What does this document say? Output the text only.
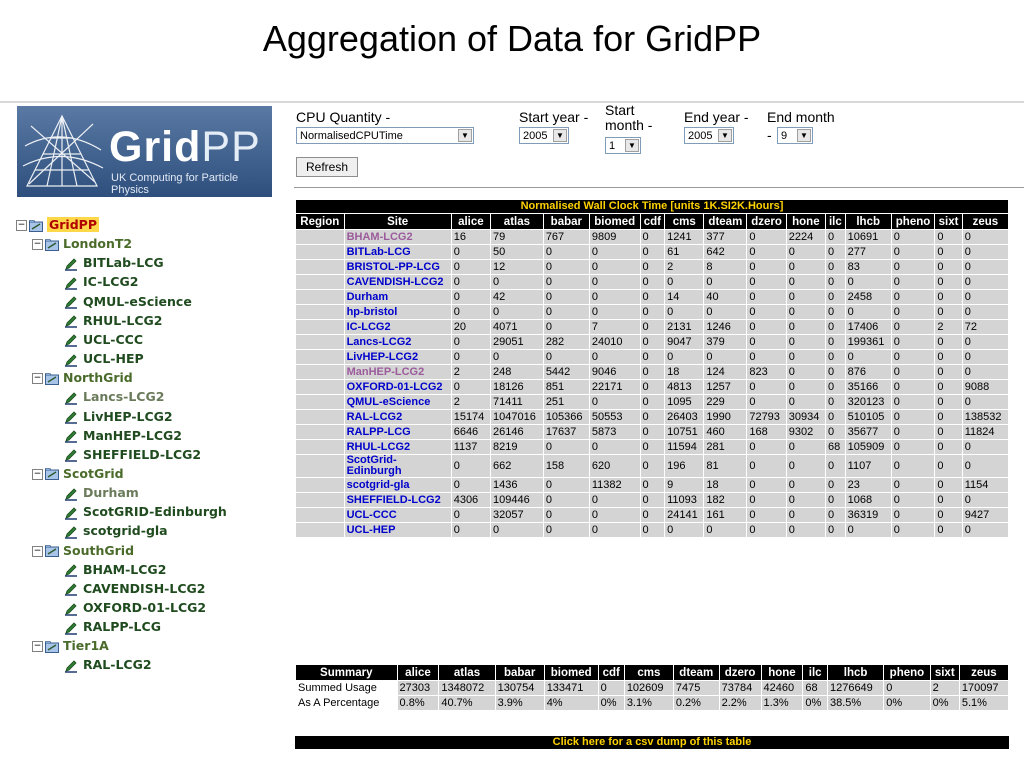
Aggregation of Data for GridPP
GridPP
UK Computing for Particle Physics
− GridPP
− LondonT2
BITLab-LCG
IC-LCG2
QMUL-eScience
RHUL-LCG2
UCL-CCC
UCL-HEP
− NorthGrid
Lancs-LCG2
LivHEP-LCG2
ManHEP-LCG2
SHEFFIELD-LCG2
− ScotGrid
Durham
ScotGRID-Edinburgh
scotgrid-gla
− SouthGrid
BHAM-LCG2
CAVENDISH-LCG2
OXFORD-01-LCG2
RALPP-LCG
− Tier1A
RAL-LCG2
CPU Quantity -
NormalisedCPUTime	▼
Start year -
2005	▼
Start
month -
1	▼
End year -
2005	▼
End month
- 9	▼
Refresh
Normalised Wall Clock Time [units 1K.SI2K.Hours]															
Region	Site	alice	atlas	babar	biomed	cdf	cms	dteam	dzero	hone	ilc	lhcb	pheno	sixt	zeus
	BHAM-LCG2	16	79	767	9809	0	1241	377	0	2224	0	10691	0	0	0
	BITLab-LCG	0	50	0	0	0	61	642	0	0	0	277	0	0	0
	BRISTOL-PP-LCG	0	12	0	0	0	2	8	0	0	0	83	0	0	0
	CAVENDISH-LCG2	0	0	0	0	0	0	0	0	0	0	0	0	0	0
	Durham	0	42	0	0	0	14	40	0	0	0	2458	0	0	0
	hp-bristol	0	0	0	0	0	0	0	0	0	0	0	0	0	0
	IC-LCG2	20	4071	0	7	0	2131	1246	0	0	0	17406	0	2	72
	Lancs-LCG2	0	29051	282	24010	0	9047	379	0	0	0	199361	0	0	0
	LivHEP-LCG2	0	0	0	0	0	0	0	0	0	0	0	0	0	0
	ManHEP-LCG2	2	248	5442	9046	0	18	124	823	0	0	876	0	0	0
	OXFORD-01-LCG2	0	18126	851	22171	0	4813	1257	0	0	0	35166	0	0	9088
	QMUL-eScience	2	71411	251	0	0	1095	229	0	0	0	320123	0	0	0
	RAL-LCG2	15174	1047016	105366	50553	0	26403	1990	72793	30934	0	510105	0	0	138532
	RALPP-LCG	6646	26146	17637	5873	0	10751	460	168	9302	0	35677	0	0	11824
	RHUL-LCG2	1137	8219	0	0	0	11594	281	0	0	68	105909	0	0	0
	ScotGrid-Edinburgh	0	662	158	620	0	196	81	0	0	0	1107	0	0	0
	scotgrid-gla	0	1436	0	11382	0	9	18	0	0	0	23	0	0	1154
	SHEFFIELD-LCG2	4306	109446	0	0	0	11093	182	0	0	0	1068	0	0	0
	UCL-CCC	0	32057	0	0	0	24141	161	0	0	0	36319	0	0	9427
	UCL-HEP	0	0	0	0	0	0	0	0	0	0	0	0	0	0
Summary	alice	atlas	babar	biomed	cdf	cms	dteam	dzero	hone	ilc	lhcb	pheno	sixt	zeus
Summed Usage	27303	1348072	130754	133471	0	102609	7475	73784	42460	68	1276649	0	2	170097
As A Percentage	0.8%	40.7%	3.9%	4%	0%	3.1%	0.2%	2.2%	1.3%	0%	38.5%	0%	0%	5.1%
Click here for a csv dump of this table
